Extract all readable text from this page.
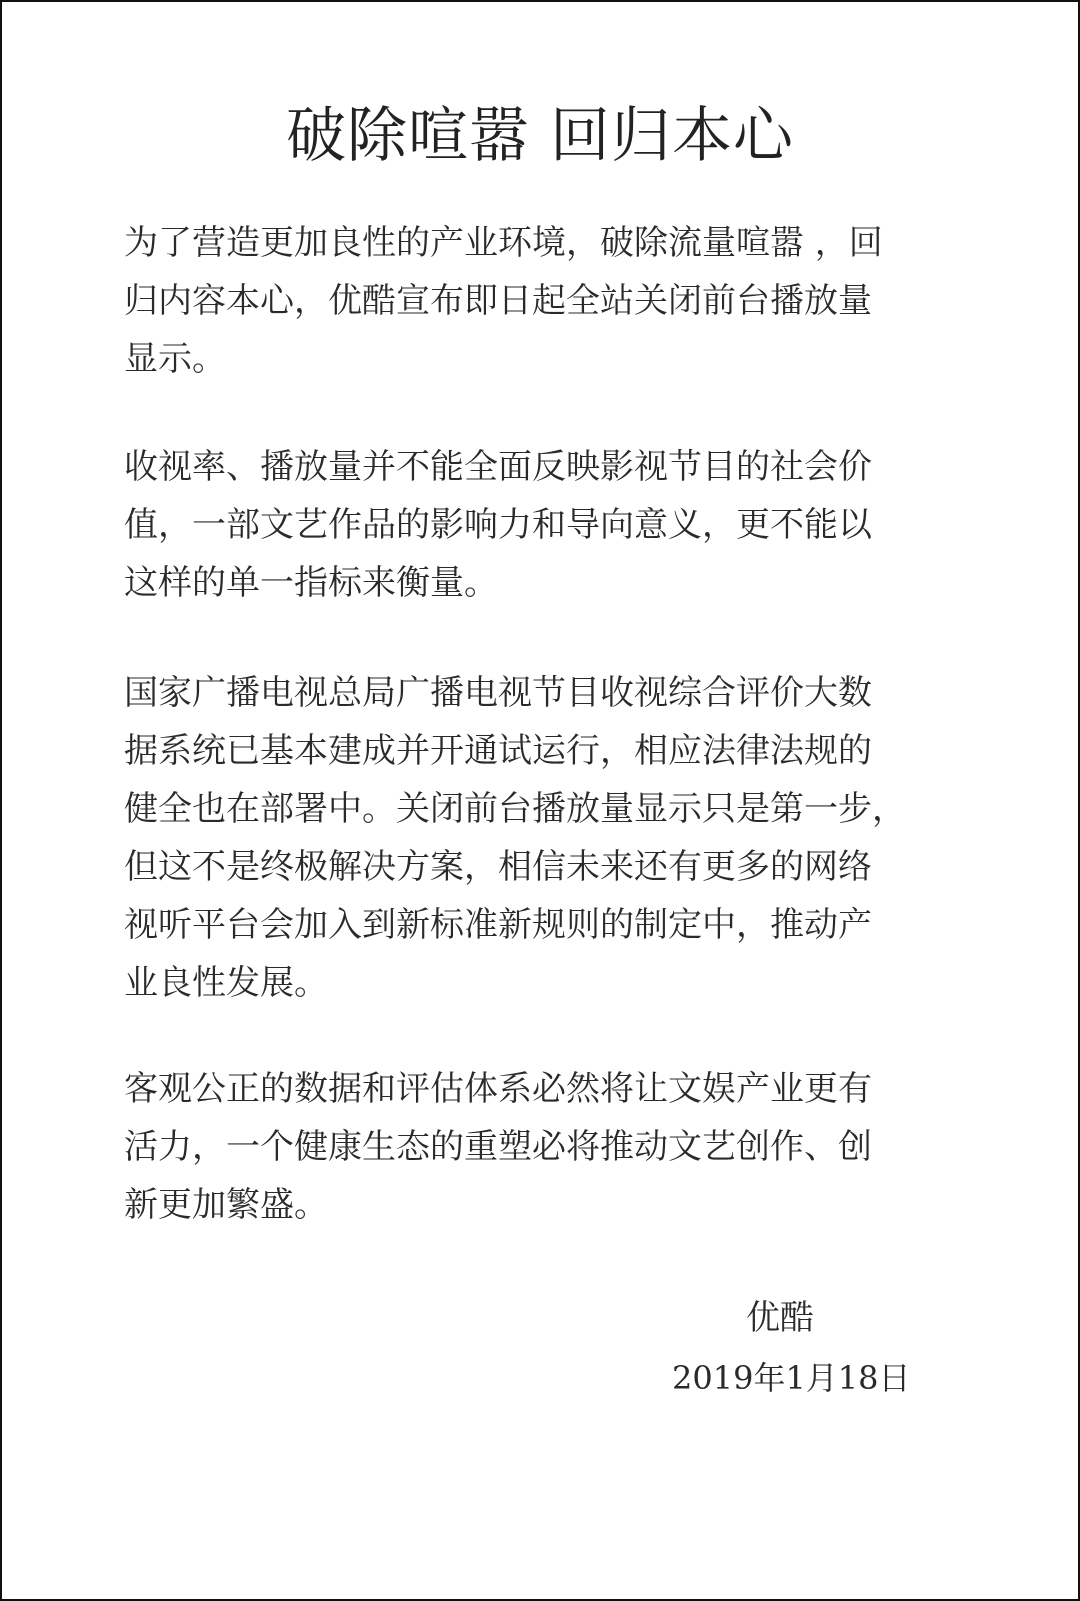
破除喧嚣 回归本心
为了营造更加良性的产业环境，破除流量喧嚣 ，回
归内容本心，优酷宣布即日起全站关闭前台播放量
显示。
收视率、播放量并不能全面反映影视节目的社会价
值，一部文艺作品的影响力和导向意义，更不能以
这样的单一指标来衡量。
国家广播电视总局广播电视节目收视综合评价大数
据系统已基本建成并开通试运行，相应法律法规的
健全也在部署中。关闭前台播放量显示只是第一步，
但这不是终极解决方案，相信未来还有更多的网络
视听平台会加入到新标准新规则的制定中，推动产
业良性发展。
客观公正的数据和评估体系必然将让文娱产业更有
活力，一个健康生态的重塑必将推动文艺创作、创
新更加繁盛。
优酷
2019年1月18日
